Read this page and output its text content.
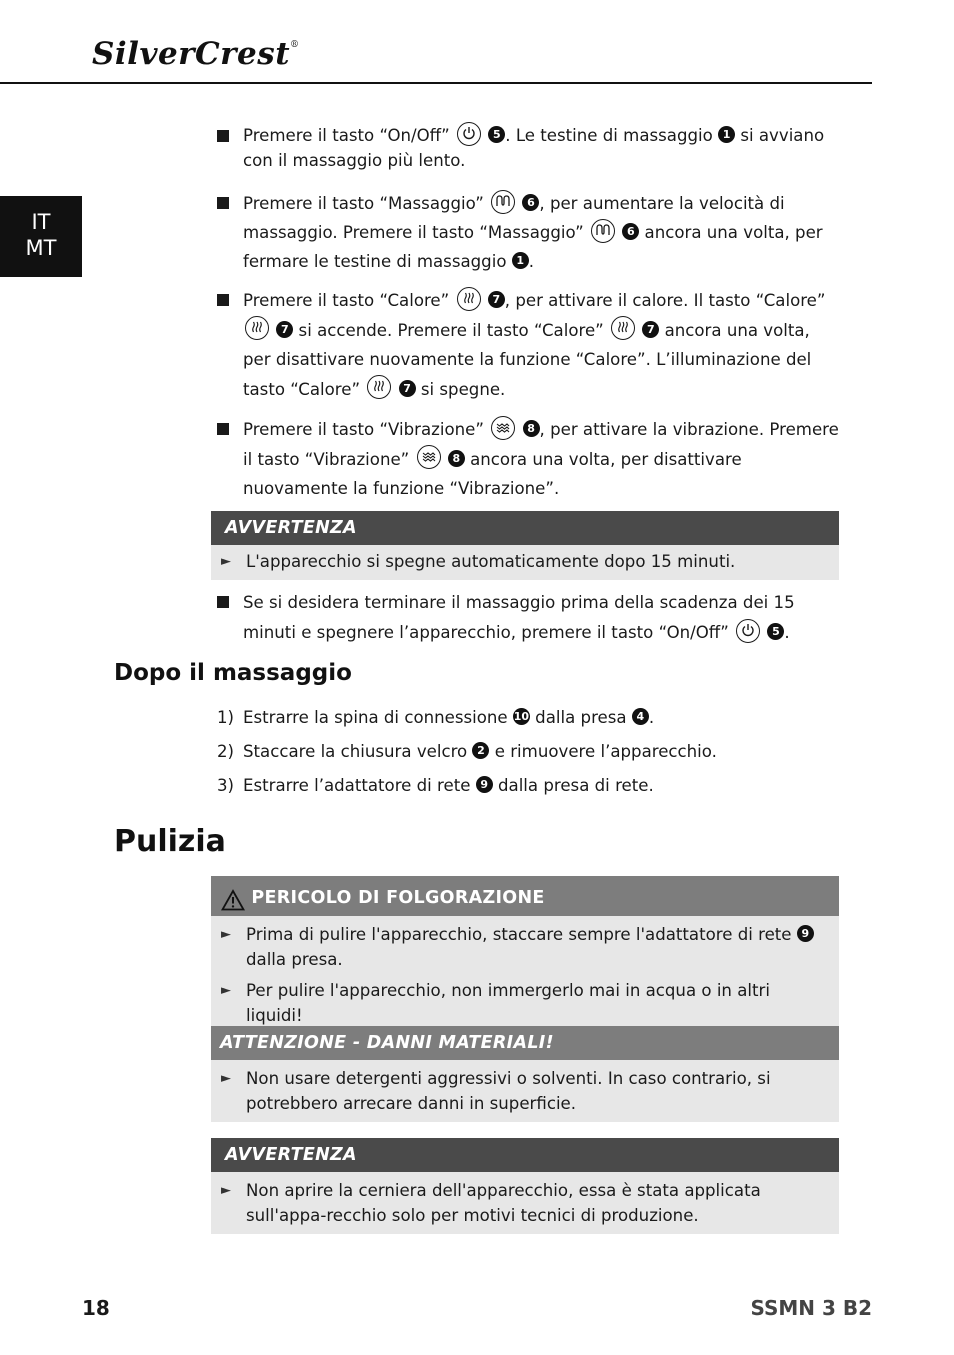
SilverCrest®
IT
MT
Premere il tasto “On/Off”	5 . Le testine di massaggio 1 si avviano con il massaggio più lento.
Premere il tasto “Massaggio”	6 , per aumentare la velocità di massaggio. Premere il tasto “Massaggio”	6 ancora una volta, per fermare le testine di massaggio 1 .
Premere il tasto “Calore”	7 , per attivare il calore. Il tasto “Calore”
7 si accende. Premere il tasto “Calore”	7 ancora una volta, per disattivare nuovamente la funzione “Calore”. L’illuminazione del tasto “Calore”	7 si spegne.
Premere il tasto “Vibrazione”	8 , per attivare la vibrazione. Premere il tasto “Vibrazione”	8 ancora una volta, per disattivare nuovamente la funzione “Vibrazione”.
AVVERTENZA
► L'apparecchio si spegne automaticamente dopo 15 minuti.
Se si desidera terminare il massaggio prima della scadenza dei 15 minuti e spegnere l’apparecchio, premere il tasto “On/Off”	5 .
Dopo il massaggio
1) Estrarre la spina di connessione 10 dalla presa 4 .
2) Staccare la chiusura velcro 2 e rimuovere l’apparecchio.
3) Estrarre l’adattatore di rete 9 dalla presa di rete.
Pulizia
PERICOLO DI FOLGORAZIONE
► Prima di pulire l'apparecchio, staccare sempre l'adattatore di rete 9 dalla presa.
► Per pulire l'apparecchio, non immergerlo mai in acqua o in altri liquidi!
ATTENZIONE - DANNI MATERIALI!
► Non usare detergenti aggressivi o solventi. In caso contrario, si potrebbero arrecare danni in superficie.
AVVERTENZA
► Non aprire la cerniera dell'apparecchio, essa è stata applicata sull'appa-recchio solo per motivi tecnici di produzione.
18	SSMN 3 B2
